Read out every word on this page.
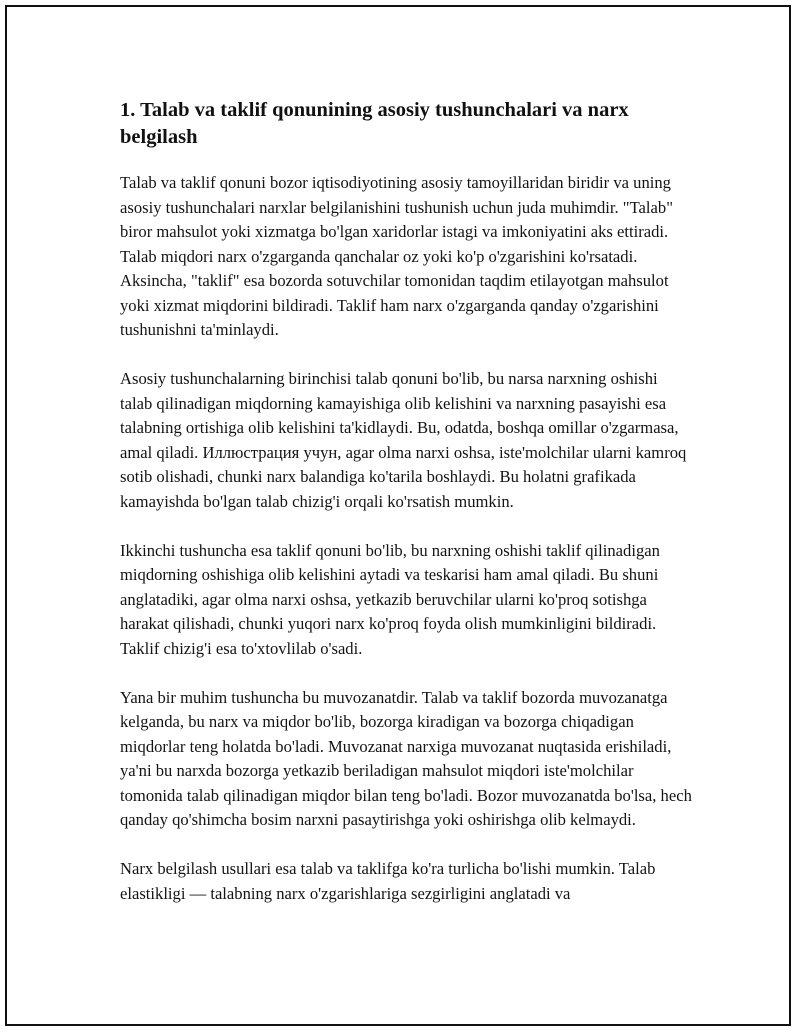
1. Talab va taklif qonunining asosiy tushunchalari va narx belgilash

Talab va taklif qonuni bozor iqtisodiyotining asosiy tamoyillaridan biridir va uning asosiy tushunchalari narxlar belgilanishini tushunish uchun juda muhimdir. "Talab" biror mahsulot yoki xizmatga bo'lgan xaridorlar istagi va imkoniyatini aks ettiradi. Talab miqdori narx o'zgarganda qanchalar oz yoki ko'p o'zgarishini ko'rsatadi. Aksincha, "taklif" esa bozorda sotuvchilar tomonidan taqdim etilayotgan mahsulot yoki xizmat miqdorini bildiradi. Taklif ham narx o'zgarganda qanday o'zgarishini tushunishni ta'minlaydi.

Asosiy tushunchalarning birinchisi talab qonuni bo'lib, bu narsa narxning oshishi talab qilinadigan miqdorning kamayishiga olib kelishini va narxning pasayishi esa talabning ortishiga olib kelishini ta'kidlaydi. Bu, odatda, boshqa omillar o'zgarmasa, amal qiladi. Иллюстрация учун, agar olma narxi oshsa, iste'molchilar ularni kamroq sotib olishadi, chunki narx balandiga ko'tarila boshlaydi. Bu holatni grafikada kamayishda bo'lgan talab chizig'i orqali ko'rsatish mumkin.

Ikkinchi tushuncha esa taklif qonuni bo'lib, bu narxning oshishi taklif qilinadigan miqdorning oshishiga olib kelishini aytadi va teskarisi ham amal qiladi. Bu shuni anglatadiki, agar olma narxi oshsa, yetkazib beruvchilar ularni ko'proq sotishga harakat qilishadi, chunki yuqori narx ko'proq foyda olish mumkinligini bildiradi. Taklif chizig'i esa to'xtovlilab o'sadi.

Yana bir muhim tushuncha bu muvozanatdir. Talab va taklif bozorda muvozanatga kelganda, bu narx va miqdor bo'lib, bozorga kiradigan va bozorga chiqadigan miqdorlar teng holatda bo'ladi. Muvozanat narxiga muvozanat nuqtasida erishiladi, ya'ni bu narxda bozorga yetkazib beriladigan mahsulot miqdori iste'molchilar tomonida talab qilinadigan miqdor bilan teng bo'ladi. Bozor muvozanatda bo'lsa, hech qanday qo'shimcha bosim narxni pasaytirishga yoki oshirishga olib kelmaydi.

Narx belgilash usullari esa talab va taklifga ko'ra turlicha bo'lishi mumkin. Talab elastikligi — talabning narx o'zgarishlariga sezgirligini anglatadi va
